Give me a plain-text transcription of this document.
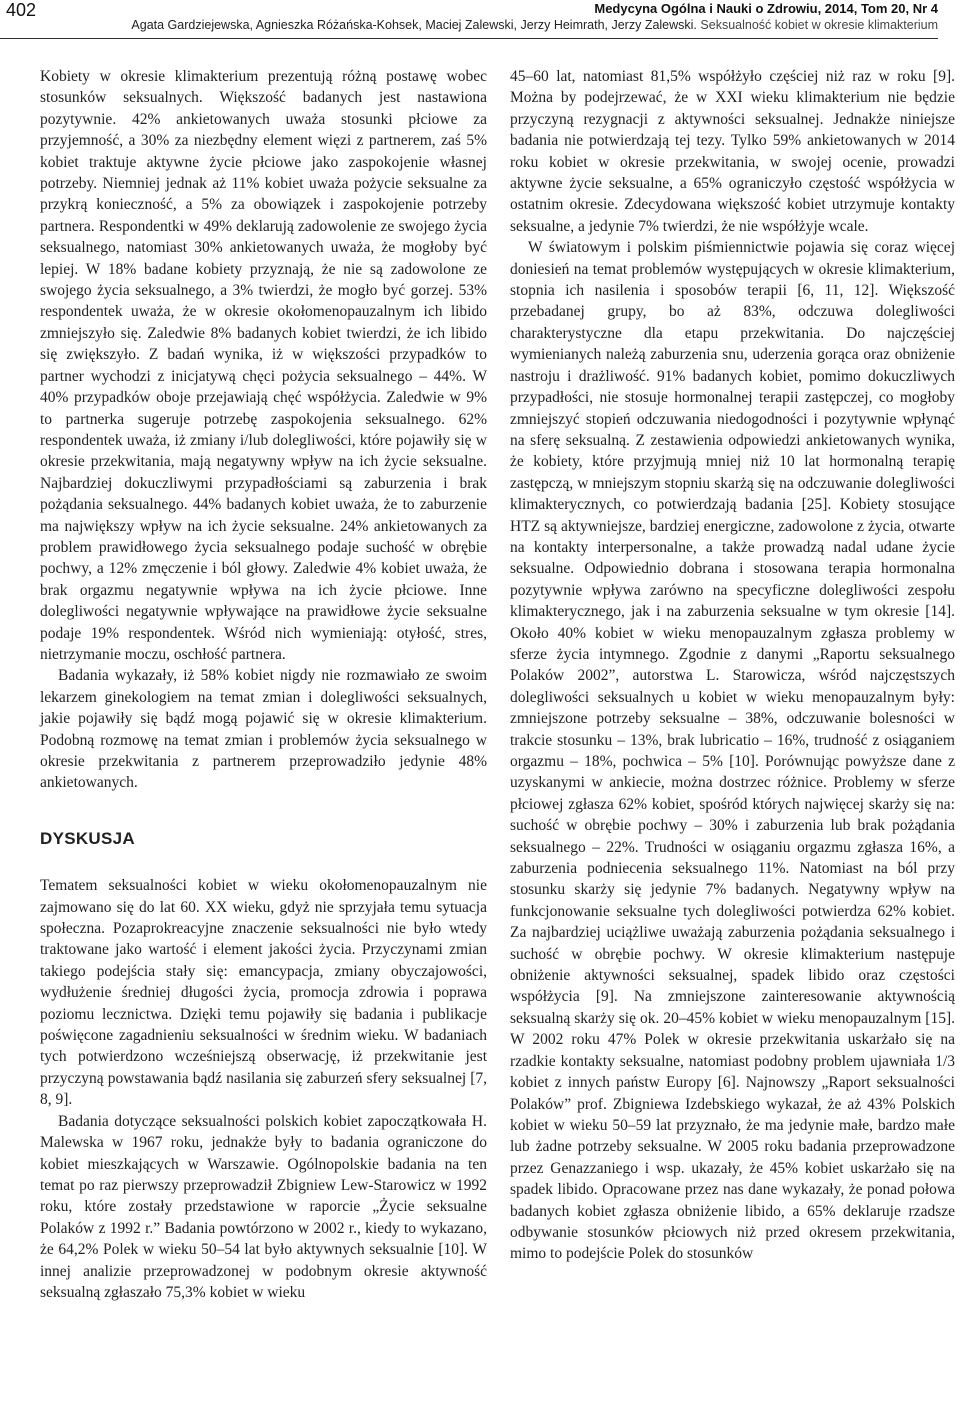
402	Medycyna Ogólna i Nauki o Zdrowiu, 2014, Tom 20, Nr 4
Agata Gardziejewska, Agnieszka Różańska-Kohsek, Maciej Zalewski, Jerzy Heimrath, Jerzy Zalewski. Seksualność kobiet w okresie klimakterium

Kobiety w okresie klimakterium prezentują różną postawę wobec stosunków seksualnych. Większość badanych jest nastawiona pozytywnie. 42% ankietowanych uważa stosunki płciowe za przyjemność, a 30% za niezbędny element więzi z partnerem, zaś 5% kobiet traktuje aktywne życie płciowe jako zaspokojenie własnej potrzeby. Niemniej jednak aż 11% kobiet uważa pożycie seksualne za przykrą konieczność, a 5% za obowiązek i zaspokojenie potrzeby partnera. Respondentki w 49% deklarują zadowolenie ze swojego życia seksualnego, natomiast 30% ankietowanych uważa, że mogłoby być lepiej. W 18% badane kobiety przyznają, że nie są zadowolone ze swojego życia seksualnego, a 3% twierdzi, że mogło być gorzej. 53% respondentek uważa, że w okresie okołomenopauzalnym ich libido zmniejszyło się. Zaledwie 8% badanych kobiet twierdzi, że ich libido się zwiększyło. Z badań wynika, iż w większości przypadków to partner wychodzi z inicjatywą chęci pożycia seksualnego – 44%. W 40% przypadków oboje przejawiają chęć współżycia. Zaledwie w 9% to partnerka sugeruje potrzebę zaspokojenia seksualnego. 62% respondentek uważa, iż zmiany i/lub dolegliwości, które pojawiły się w okresie przekwitania, mają negatywny wpływ na ich życie seksualne. Najbardziej dokuczliwymi przypadłościami są zaburzenia i brak pożądania seksualnego. 44% badanych kobiet uważa, że to zaburzenie ma największy wpływ na ich życie seksualne. 24% ankietowanych za problem prawidłowego życia seksualnego podaje suchość w obrębie pochwy, a 12% zmęczenie i ból głowy. Zaledwie 4% kobiet uważa, że brak orgazmu negatywnie wpływa na ich życie płciowe. Inne dolegliwości negatywnie wpływające na prawidłowe życie seksualne podaje 19% respondentek. Wśród nich wymieniają: otyłość, stres, nietrzymanie moczu, oschłość partnera.

Badania wykazały, iż 58% kobiet nigdy nie rozmawiało ze swoim lekarzem ginekologiem na temat zmian i dolegliwości seksualnych, jakie pojawiły się bądź mogą pojawić się w okresie klimakterium. Podobną rozmowę na temat zmian i problemów życia seksualnego w okresie przekwitania z partnerem przeprowadziło jedynie 48% ankietowanych.

DYSKUSJA

Tematem seksualności kobiet w wieku okołomenopauzalnym nie zajmowano się do lat 60. XX wieku, gdyż nie sprzyjała temu sytuacja społeczna. Pozaprokreacyjne znaczenie seksualności nie było wtedy traktowane jako wartość i element jakości życia. Przyczynami zmian takiego podejścia stały się: emancypacja, zmiany obyczajowości, wydłużenie średniej długości życia, promocja zdrowia i poprawa poziomu lecznictwa. Dzięki temu pojawiły się badania i publikacje poświęcone zagadnieniu seksualności w średnim wieku. W badaniach tych potwierdzono wcześniejszą obserwację, iż przekwitanie jest przyczyną powstawania bądź nasilania się zaburzeń sfery seksualnej [7, 8, 9].

Badania dotyczące seksualności polskich kobiet zapoczątkowała H. Malewska w 1967 roku, jednakże były to badania ograniczone do kobiet mieszkających w Warszawie. Ogólnopolskie badania na ten temat po raz pierwszy przeprowadził Zbigniew Lew-Starowicz w 1992 roku, które zostały przedstawione w raporcie „Życie seksualne Polaków z 1992 r.” Badania powtórzono w 2002 r., kiedy to wykazano, że 64,2% Polek w wieku 50–54 lat było aktywnych seksualnie [10]. W innej analizie przeprowadzonej w podobnym okresie aktywność seksualną zgłaszało 75,3% kobiet w wieku

45–60 lat, natomiast 81,5% współżyło częściej niż raz w roku [9]. Można by podejrzewać, że w XXI wieku klimakterium nie będzie przyczyną rezygnacji z aktywności seksualnej. Jednakże niniejsze badania nie potwierdzają tej tezy. Tylko 59% ankietowanych w 2014 roku kobiet w okresie przekwitania, w swojej ocenie, prowadzi aktywne życie seksualne, a 65% ograniczyło częstość współżycia w ostatnim okresie. Zdecydowana większość kobiet utrzymuje kontakty seksualne, a jedynie 7% twierdzi, że nie współżyje wcale.

W światowym i polskim piśmiennictwie pojawia się coraz więcej doniesień na temat problemów występujących w okresie klimakterium, stopnia ich nasilenia i sposobów terapii [6, 11, 12]. Większość przebadanej grupy, bo aż 83%, odczuwa dolegliwości charakterystyczne dla etapu przekwitania. Do najczęściej wymienianych należą zaburzenia snu, uderzenia gorąca oraz obniżenie nastroju i drażliwość. 91% badanych kobiet, pomimo dokuczliwych przypadłości, nie stosuje hormonalnej terapii zastępczej, co mogłoby zmniejszyć stopień odczuwania niedogodności i pozytywnie wpłynąć na sferę seksualną. Z zestawienia odpowiedzi ankietowanych wynika, że kobiety, które przyjmują mniej niż 10 lat hormonalną terapię zastępczą, w mniejszym stopniu skarżą się na odczuwanie dolegliwości klimakterycznych, co potwierdzają badania [25]. Kobiety stosujące HTZ są aktywniejsze, bardziej energiczne, zadowolone z życia, otwarte na kontakty interpersonalne, a także prowadzą nadal udane życie seksualne. Odpowiednio dobrana i stosowana terapia hormonalna pozytywnie wpływa zarówno na specyficzne dolegliwości zespołu klimakterycznego, jak i na zaburzenia seksualne w tym okresie [14]. Około 40% kobiet w wieku menopauzalnym zgłasza problemy w sferze życia intymnego. Zgodnie z danymi „Raportu seksualnego Polaków 2002”, autorstwa L. Starowicza, wśród najczęstszych dolegliwości seksualnych u kobiet w wieku menopauzalnym były: zmniejszone potrzeby seksualne – 38%, odczuwanie bolesności w trakcie stosunku – 13%, brak lubricatio – 16%, trudność z osiąganiem orgazmu – 18%, pochwica – 5% [10]. Porównując powyższe dane z uzyskanymi w ankiecie, można dostrzec różnice. Problemy w sferze płciowej zgłasza 62% kobiet, spośród których najwięcej skarży się na: suchość w obrębie pochwy – 30% i zaburzenia lub brak pożądania seksualnego – 22%. Trudności w osiąganiu orgazmu zgłasza 16%, a zaburzenia podniecenia seksualnego 11%. Natomiast na ból przy stosunku skarży się jedynie 7% badanych. Negatywny wpływ na funkcjonowanie seksualne tych dolegliwości potwierdza 62% kobiet. Za najbardziej uciążliwe uważają zaburzenia pożądania seksualnego i suchość w obrębie pochwy. W okresie klimakterium następuje obniżenie aktywności seksualnej, spadek libido oraz częstości współżycia [9]. Na zmniejszone zainteresowanie aktywnością seksualną skarży się ok. 20–45% kobiet w wieku menopauzalnym [15]. W 2002 roku 47% Polek w okresie przekwitania uskarżało się na rzadkie kontakty seksualne, natomiast podobny problem ujawniała 1/3 kobiet z innych państw Europy [6]. Najnowszy „Raport seksualności Polaków” prof. Zbigniewa Izdebskiego wykazał, że aż 43% Polskich kobiet w wieku 50–59 lat przyznało, że ma jedynie małe, bardzo małe lub żadne potrzeby seksualne. W 2005 roku badania przeprowadzone przez Genazzaniego i wsp. ukazały, że 45% kobiet uskarżało się na spadek libido. Opracowane przez nas dane wykazały, że ponad połowa badanych kobiet zgłasza obniżenie libido, a 65% deklaruje rzadsze odbywanie stosunków płciowych niż przed okresem przekwitania, mimo to podejście Polek do stosunków
